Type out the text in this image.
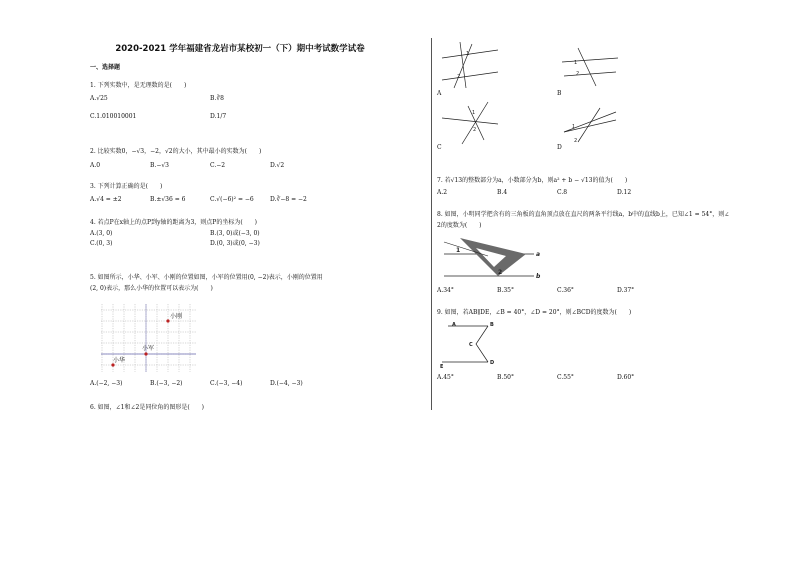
2020-2021 学年福建省龙岩市某校初一（下）期中考试数学试卷
一、选择题
1. 下列实数中，是无理数的是(　　)
A.√25	B.∛8
C.1.010010001	D.1/7
2. 比较实数0，−√3，−2，√2的大小，其中最小的实数为(　　)
A.0	B.−√3	C.−2	D.√2
3. 下列计算正确的是(　　)
A.√4 = ±2	B.±√36 = 6	C.√(−6)² = −6	D.∛−8 = −2
4. 若点P在x轴上的点P到y轴的距离为3，则点P的坐标为(　　)
A.(3, 0)	B.(3, 0)或(−3, 0)
C.(0, 3)	D.(0, 3)或(0, −3)
5. 如图所示，小华、小军、小刚的位置如图，小军的位置用(0, −2)表示，小刚的位置用
(2, 0)表示，那么小华的位置可以表示为(　　)
小刚
小军
小华
A.(−2, −3)	B.(−3, −2)	C.(−3, −4)	D.(−4, −3)
6. 如图，∠1和∠2是同位角的图形是(　　)
1
2
A
1
2
B
1
2
C
1
2
D
7. 若√13的整数部分为a，小数部分为b，则a² + b − √13的值为(　　)
A.2	B.4	C.8	D.12
8. 如图，小明同学把含有的三角板的直角顶点放在直尺的两条平行线a，b中的直线b上，已知∠1 = 54°，则∠
2的度数为(　　)
1
2
a
b
A.34°	B.35°	C.36°	D.37°
9. 如图，若AB∥DE，∠B = 40°，∠D = 20°，则∠BCD的度数为(　　)
A	B
C
D
E
A.45°	B.50°	C.55°	D.60°
